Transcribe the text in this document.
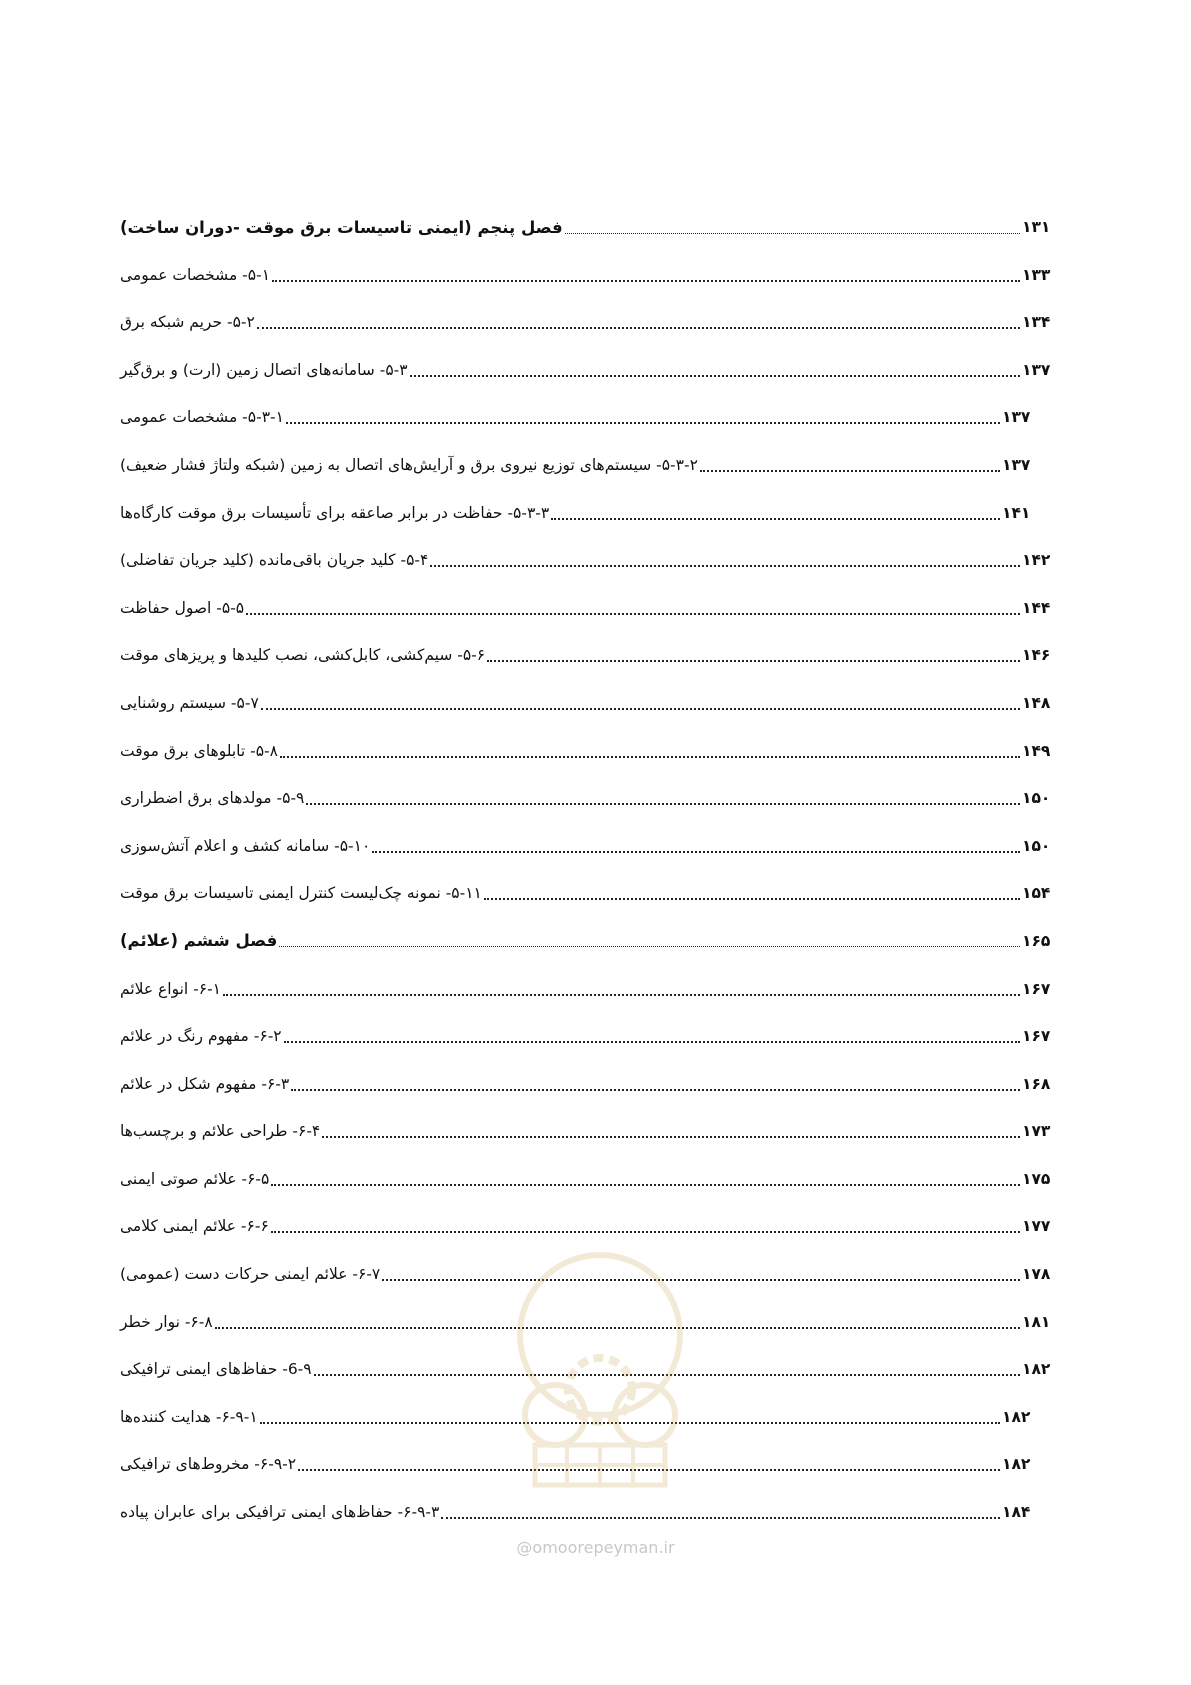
فصل پنجم (ایمنی تاسیسات برق موقت -دوران ساخت)	۱۳۱
۵-۱- مشخصات عمومی	۱۳۳
۵-۲- حریم شبکه برق	۱۳۴
۵-۳- سامانه‌های اتصال زمین (ارت) و برق‌گیر	۱۳۷
۵-۳-۱- مشخصات عمومی	۱۳۷
۵-۳-۲- سیستم‌های توزیع نیروی برق و آرایش‌های اتصال به زمین (شبکه ولتاژ فشار ضعیف)	۱۳۷
۵-۳-۳- حفاظت در برابر صاعقه برای تأسیسات برق موقت کارگاه‌ها	۱۴۱
۵-۴- کلید جریان باقی‌مانده (کلید جریان تفاضلی)	۱۴۲
۵-۵- اصول حفاظت	۱۴۴
۵-۶- سیم‌کشی، کابل‌کشی، نصب کلیدها و پریزهای موقت	۱۴۶
۵-۷- سیستم روشنایی	۱۴۸
۵-۸- تابلوهای برق موقت	۱۴۹
۵-۹- مولدهای برق اضطراری	۱۵۰
۵-۱۰- سامانه کشف و اعلام آتش‌سوزی	۱۵۰
۵-۱۱- نمونه چک‌لیست کنترل ایمنی تاسیسات برق موقت	۱۵۴
فصل ششم (علائم)	۱۶۵
۶-۱- انواع علائم	۱۶۷
۶-۲- مفهوم رنگ در علائم	۱۶۷
۶-۳- مفهوم شکل در علائم	۱۶۸
۶-۴- طراحی علائم و برچسب‌ها	۱۷۳
۶-۵- علائم صوتی ایمنی	۱۷۵
۶-۶- علائم ایمنی کلامی	۱۷۷
۶-۷- علائم ایمنی حرکات دست (عمومی)	۱۷۸
۶-۸- نوار خطر	۱۸۱
6-۹- حفاظ‌های ایمنی ترافیکی	۱۸۲
۶-۹-۱- هدایت کننده‌ها	۱۸۲
۶-۹-۲- مخروط‌های ترافیکی	۱۸۲
۶-۹-۳- حفاظ‌های ایمنی ترافیکی برای عابران پیاده	۱۸۴
@omoorepeyman.ir
